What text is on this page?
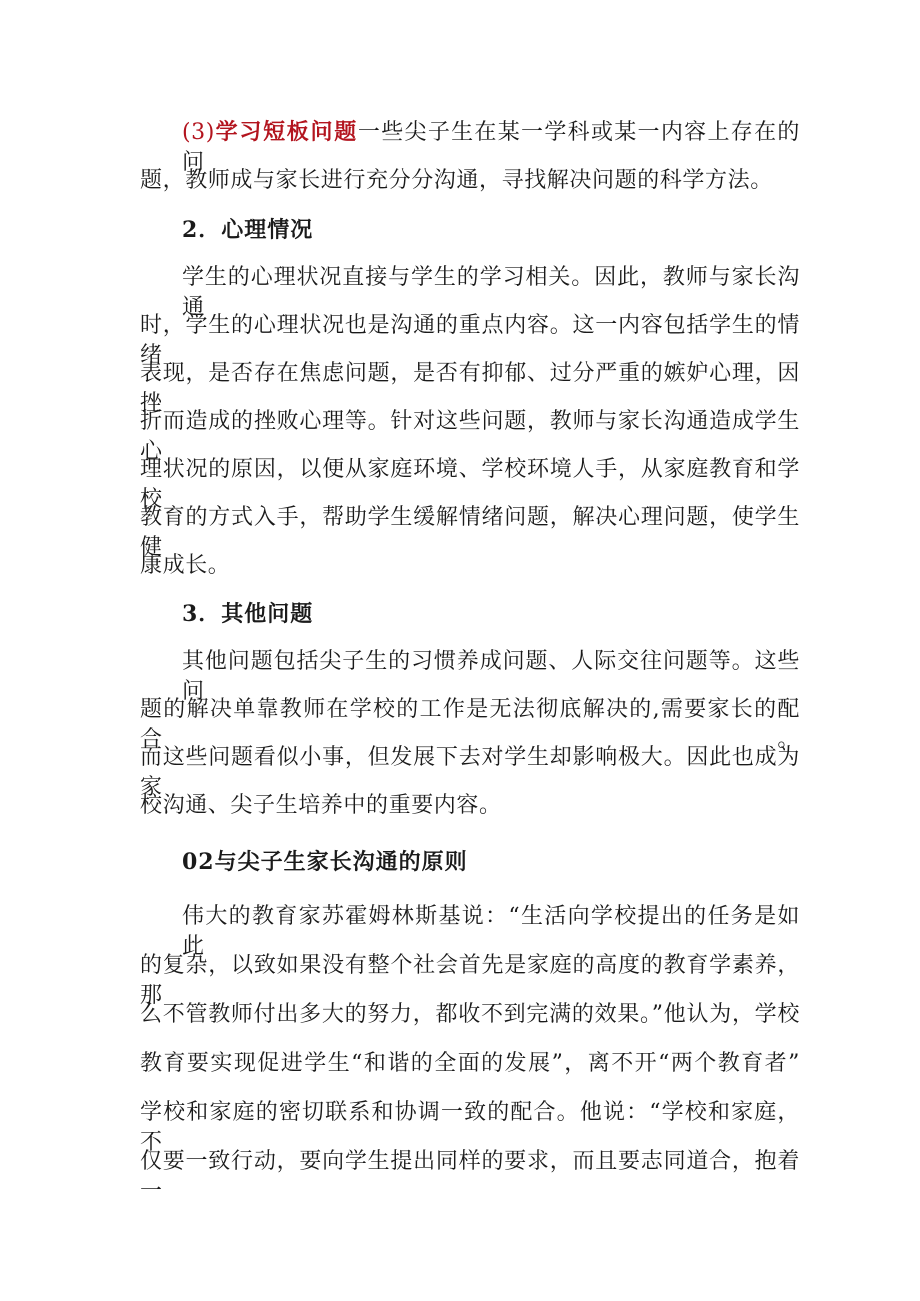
(3)学习短板问题一些尖子生在某一学科或某一内容上存在的问
题，教师成与家长进行充分分沟通，寻找解决问题的科学方法。
2．心理情况
学生的心理状况直接与学生的学习相关。因此，教师与家长沟通
时，学生的心理状况也是沟通的重点内容。这一内容包括学生的情绪
表现，是否存在焦虑问题，是否有抑郁、过分严重的嫉妒心理，因挫
折而造成的挫败心理等。针对这些问题，教师与家长沟通造成学生心
理状况的原因，以便从家庭环境、学校环境人手，从家庭教育和学校
教育的方式入手，帮助学生缓解情绪问题，解决心理问题，使学生健
康成长。
3．其他问题
其他问题包括尖子生的习惯养成问题、人际交往问题等。这些问
题的解决单靠教师在学校的工作是无法彻底解决的,需要家长的配合。
而这些问题看似小事，但发展下去对学生却影响极大。因此也成为家
校沟通、尖子生培养中的重要内容。
02与尖子生家长沟通的原则
伟大的教育家苏霍姆林斯基说：“生活向学校提出的任务是如此
的复杂，以致如果没有整个社会首先是家庭的高度的教育学素养，那
么不管教师付出多大的努力，都收不到完满的效果。”他认为，学校
教育要实现促进学生“和谐的全面的发展”，离不开“两个教育者”
学校和家庭的密切联系和协调一致的配合。他说：“学校和家庭，不
仅要一致行动，要向学生提出同样的要求，而且要志同道合，抱着一
